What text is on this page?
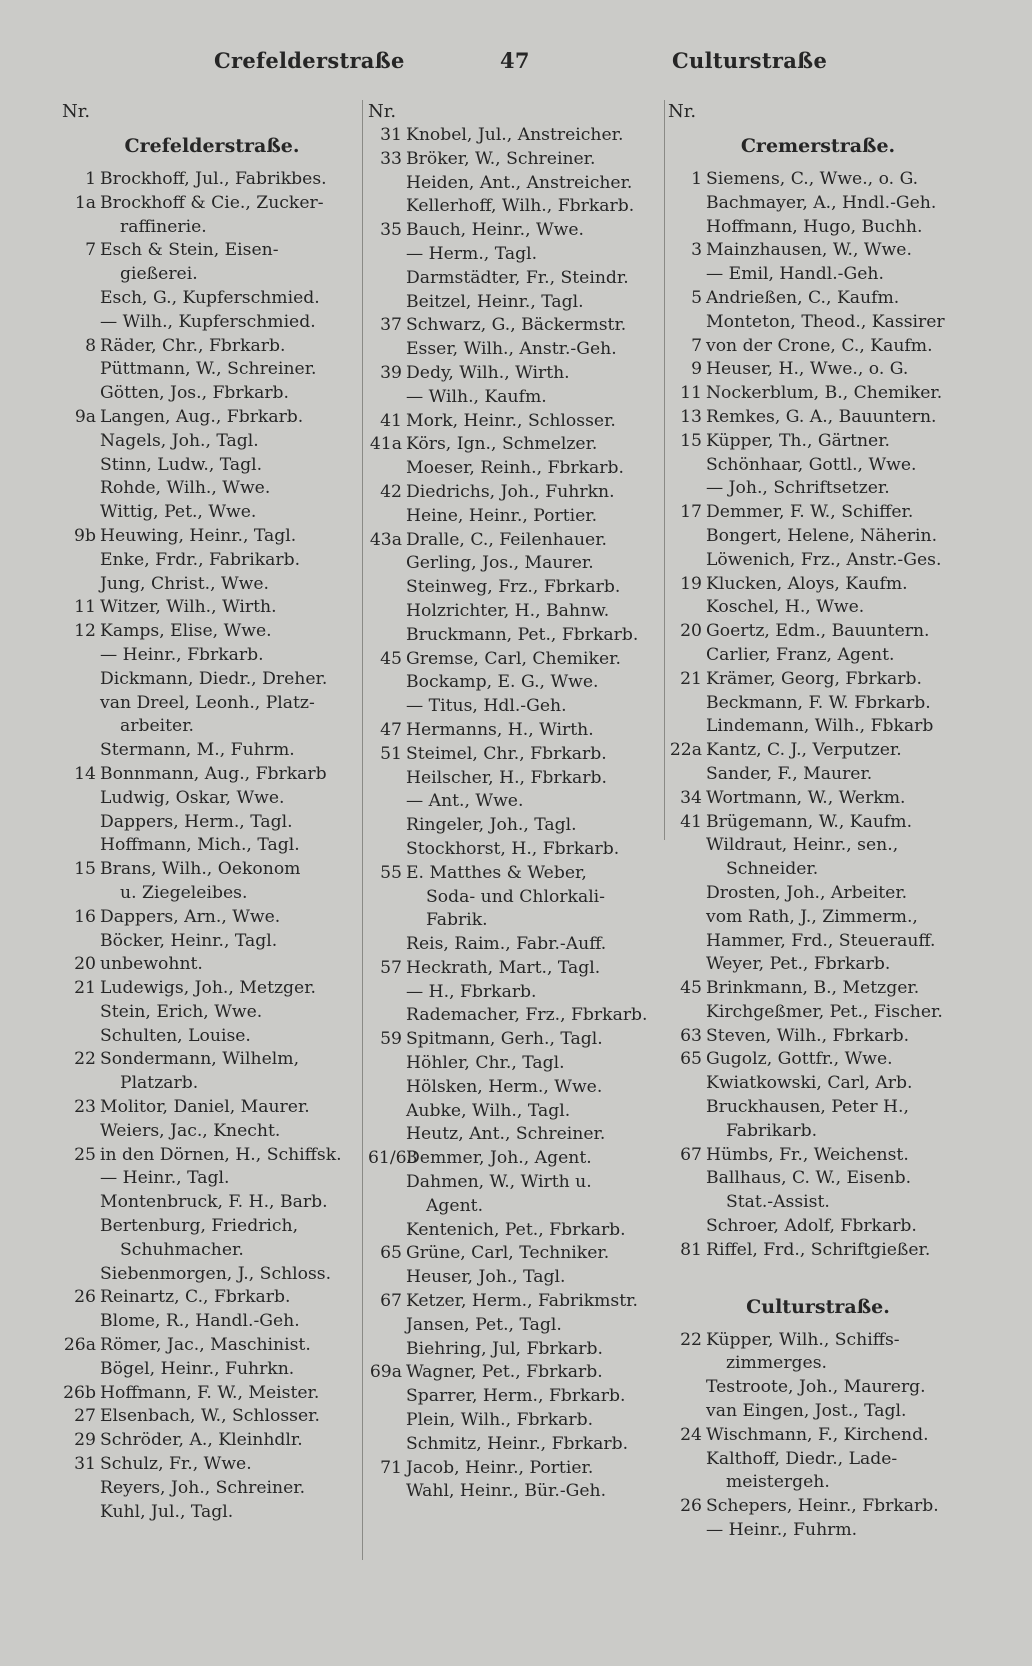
Crefelderstraße	47	Culturstraße
Nr.
Crefelderstraße.
1 Brockhoff, Jul., Fabrikbes.
1a Brockhoff & Cie., Zucker-
raffinerie.
7 Esch & Stein, Eisen-
gießerei.
Esch, G., Kupferschmied.
— Wilh., Kupferschmied.
8 Räder, Chr., Fbrkarb.
Püttmann, W., Schreiner.
Götten, Jos., Fbrkarb.
9a Langen, Aug., Fbrkarb.
Nagels, Joh., Tagl.
Stinn, Ludw., Tagl.
Rohde, Wilh., Wwe.
Wittig, Pet., Wwe.
9b Heuwing, Heinr., Tagl.
Enke, Frdr., Fabrikarb.
Jung, Christ., Wwe.
11 Witzer, Wilh., Wirth.
12 Kamps, Elise, Wwe.
— Heinr., Fbrkarb.
Dickmann, Diedr., Dreher.
van Dreel, Leonh., Platz-
arbeiter.
Stermann, M., Fuhrm.
14 Bonnmann, Aug., Fbrkarb
Ludwig, Oskar, Wwe.
Dappers, Herm., Tagl.
Hoffmann, Mich., Tagl.
15 Brans, Wilh., Oekonom
u. Ziegeleibes.
16 Dappers, Arn., Wwe.
Böcker, Heinr., Tagl.
20 unbewohnt.
21 Ludewigs, Joh., Metzger.
Stein, Erich, Wwe.
Schulten, Louise.
22 Sondermann, Wilhelm,
Platzarb.
23 Molitor, Daniel, Maurer.
Weiers, Jac., Knecht.
25 in den Dörnen, H., Schiffsk.
— Heinr., Tagl.
Montenbruck, F. H., Barb.
Bertenburg, Friedrich,
Schuhmacher.
Siebenmorgen, J., Schloss.
26 Reinartz, C., Fbrkarb.
Blome, R., Handl.-Geh.
26a Römer, Jac., Maschinist.
Bögel, Heinr., Fuhrkn.
26b Hoffmann, F. W., Meister.
27 Elsenbach, W., Schlosser.
29 Schröder, A., Kleinhdlr.
31 Schulz, Fr., Wwe.
Reyers, Joh., Schreiner.
Kuhl, Jul., Tagl.
Nr.
31 Knobel, Jul., Anstreicher.
33 Bröker, W., Schreiner.
Heiden, Ant., Anstreicher.
Kellerhoff, Wilh., Fbrkarb.
35 Bauch, Heinr., Wwe.
— Herm., Tagl.
Darmstädter, Fr., Steindr.
Beitzel, Heinr., Tagl.
37 Schwarz, G., Bäckermstr.
Esser, Wilh., Anstr.-Geh.
39 Dedy, Wilh., Wirth.
— Wilh., Kaufm.
41 Mork, Heinr., Schlosser.
41a Körs, Ign., Schmelzer.
Moeser, Reinh., Fbrkarb.
42 Diedrichs, Joh., Fuhrkn.
Heine, Heinr., Portier.
43a Dralle, C., Feilenhauer.
Gerling, Jos., Maurer.
Steinweg, Frz., Fbrkarb.
Holzrichter, H., Bahnw.
Bruckmann, Pet., Fbrkarb.
45 Gremse, Carl, Chemiker.
Bockamp, E. G., Wwe.
— Titus, Hdl.-Geh.
47 Hermanns, H., Wirth.
51 Steimel, Chr., Fbrkarb.
Heilscher, H., Fbrkarb.
— Ant., Wwe.
Ringeler, Joh., Tagl.
Stockhorst, H., Fbrkarb.
55 E. Matthes & Weber,
Soda- und Chlorkali-
Fabrik.
Reis, Raim., Fabr.-Auff.
57 Heckrath, Mart., Tagl.
— H., Fbrkarb.
Rademacher, Frz., Fbrkarb.
59 Spitmann, Gerh., Tagl.
Höhler, Chr., Tagl.
Hölsken, Herm., Wwe.
Aubke, Wilh., Tagl.
Heutz, Ant., Schreiner.
61/63
Demmer, Joh., Agent.
Dahmen, W., Wirth u.
Agent.
Kentenich, Pet., Fbrkarb.
65 Grüne, Carl, Techniker.
Heuser, Joh., Tagl.
67 Ketzer, Herm., Fabrikmstr.
Jansen, Pet., Tagl.
Biehring, Jul, Fbrkarb.
69a Wagner, Pet., Fbrkarb.
Sparrer, Herm., Fbrkarb.
Plein, Wilh., Fbrkarb.
Schmitz, Heinr., Fbrkarb.
71 Jacob, Heinr., Portier.
Wahl, Heinr., Bür.-Geh.
Nr.
Cremerstraße.
1 Siemens, C., Wwe., o. G.
Bachmayer, A., Hndl.-Geh.
Hoffmann, Hugo, Buchh.
3 Mainzhausen, W., Wwe.
— Emil, Handl.-Geh.
5 Andrießen, C., Kaufm.
Monteton, Theod., Kassirer
7 von der Crone, C., Kaufm.
9 Heuser, H., Wwe., o. G.
11 Nockerblum, B., Chemiker.
13 Remkes, G. A., Bauuntern.
15 Küpper, Th., Gärtner.
Schönhaar, Gottl., Wwe.
— Joh., Schriftsetzer.
17 Demmer, F. W., Schiffer.
Bongert, Helene, Näherin.
Löwenich, Frz., Anstr.-Ges.
19 Klucken, Aloys, Kaufm.
Koschel, H., Wwe.
20 Goertz, Edm., Bauuntern.
Carlier, Franz, Agent.
21 Krämer, Georg, Fbrkarb.
Beckmann, F. W. Fbrkarb.
Lindemann, Wilh., Fbkarb
22a Kantz, C. J., Verputzer.
Sander, F., Maurer.
34 Wortmann, W., Werkm.
41 Brügemann, W., Kaufm.
Wildraut, Heinr., sen.,
Schneider.
Drosten, Joh., Arbeiter.
vom Rath, J., Zimmerm.,
Hammer, Frd., Steuerauff.
Weyer, Pet., Fbrkarb.
45 Brinkmann, B., Metzger.
Kirchgeßmer, Pet., Fischer.
63 Steven, Wilh., Fbrkarb.
65 Gugolz, Gottfr., Wwe.
Kwiatkowski, Carl, Arb.
Bruckhausen, Peter H.,
Fabrikarb.
67 Hümbs, Fr., Weichenst.
Ballhaus, C. W., Eisenb.
Stat.-Assist.
Schroer, Adolf, Fbrkarb.
81 Riffel, Frd., Schriftgießer.
Culturstraße.
22 Küpper, Wilh., Schiffs-
zimmerges.
Testroote, Joh., Maurerg.
van Eingen, Jost., Tagl.
24 Wischmann, F., Kirchend.
Kalthoff, Diedr., Lade-
meistergeh.
26 Schepers, Heinr., Fbrkarb.
— Heinr., Fuhrm.
